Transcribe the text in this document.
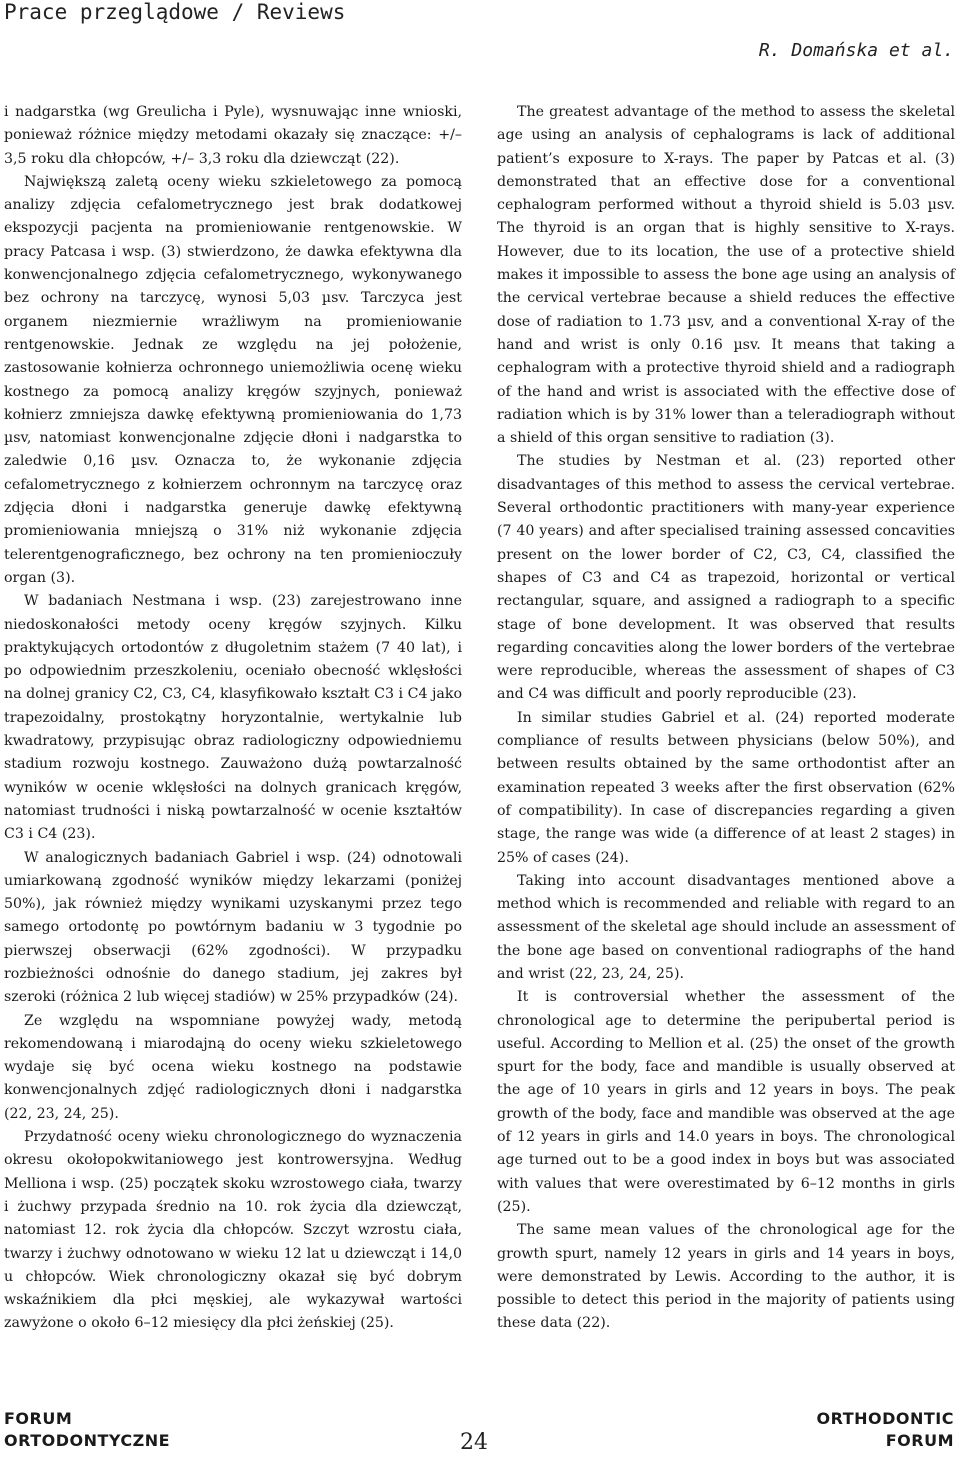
Prace przeglądowe / Reviews
R. Domańska et al.

i nadgarstka (wg Greulicha i Pyle), wysnuwając inne wnioski, ponieważ różnice między metodami okazały się znaczące: +/– 3,5 roku dla chłopców, +/– 3,3 roku dla dziewcząt (22).

Największą zaletą oceny wieku szkieletowego za pomocą analizy zdjęcia cefalometrycznego jest brak dodatkowej ekspozycji pacjenta na promieniowanie rentgenowskie. W pracy Patcasa i wsp. (3) stwierdzono, że dawka efektywna dla konwencjonalnego zdjęcia cefalometrycznego, wykonywanego bez ochrony na tarczycę, wynosi 5,03 µsv. Tarczyca jest organem niezmiernie wrażliwym na promieniowanie rentgenowskie. Jednak ze względu na jej położenie, zastosowanie kołnierza ochronnego uniemożliwia ocenę wieku kostnego za pomocą analizy kręgów szyjnych, ponieważ kołnierz zmniejsza dawkę efektywną promieniowania do 1,73 µsv, natomiast konwencjonalne zdjęcie dłoni i nadgarstka to zaledwie 0,16 µsv. Oznacza to, że wykonanie zdjęcia cefalometrycznego z kołnierzem ochronnym na tarczycę oraz zdjęcia dłoni i nadgarstka generuje dawkę efektywną promieniowania mniejszą o 31% niż wykonanie zdjęcia telerentgenograficznego, bez ochrony na ten promienioczuły organ (3).

W badaniach Nestmana i wsp. (23) zarejestrowano inne niedoskonałości metody oceny kręgów szyjnych. Kilku praktykujących ortodontów z długoletnim stażem (7 40 lat), i po odpowiednim przeszkoleniu, oceniało obecność wklęsłości na dolnej granicy C2, C3, C4, klasyfikowało kształt C3 i C4 jako trapezoidalny, prostokątny horyzontalnie, wertykalnie lub kwadratowy, przypisując obraz radiologiczny odpowiedniemu stadium rozwoju kostnego. Zauważono dużą powtarzalność wyników w ocenie wklęsłości na dolnych granicach kręgów, natomiast trudności i niską powtarzalność w ocenie kształtów C3 i C4 (23).

W analogicznych badaniach Gabriel i wsp. (24) odnotowali umiarkowaną zgodność wyników między lekarzami (poniżej 50%), jak również między wynikami uzyskanymi przez tego samego ortodontę po powtórnym badaniu w 3 tygodnie po pierwszej obserwacji (62% zgodności). W przypadku rozbieżności odnośnie do danego stadium, jej zakres był szeroki (różnica 2 lub więcej stadiów) w 25% przypadków (24).

Ze względu na wspomniane powyżej wady, metodą rekomendowaną i miarodajną do oceny wieku szkieletowego wydaje się być ocena wieku kostnego na podstawie konwencjonalnych zdjęć radiologicznych dłoni i nadgarstka (22, 23, 24, 25).

Przydatność oceny wieku chronologicznego do wyznaczenia okresu okołopokwitaniowego jest kontrowersyjna. Według Melliona i wsp. (25) początek skoku wzrostowego ciała, twarzy i żuchwy przypada średnio na 10. rok życia dla dziewcząt, natomiast 12. rok życia dla chłopców. Szczyt wzrostu ciała, twarzy i żuchwy odnotowano w wieku 12 lat u dziewcząt i 14,0 u chłopców. Wiek chronologiczny okazał się być dobrym wskaźnikiem dla płci męskiej, ale wykazywał wartości zawyżone o około 6–12 miesięcy dla płci żeńskiej (25).

The greatest advantage of the method to assess the skeletal age using an analysis of cephalograms is lack of additional patient’s exposure to X-rays. The paper by Patcas et al. (3) demonstrated that an effective dose for a conventional cephalogram performed without a thyroid shield is 5.03 µsv. The thyroid is an organ that is highly sensitive to X-rays. However, due to its location, the use of a protective shield makes it impossible to assess the bone age using an analysis of the cervical vertebrae because a shield reduces the effective dose of radiation to 1.73 µsv, and a conventional X-ray of the hand and wrist is only 0.16 µsv. It means that taking a cephalogram with a protective thyroid shield and a radiograph of the hand and wrist is associated with the effective dose of radiation which is by 31% lower than a teleradiograph without a shield of this organ sensitive to radiation (3).

The studies by Nestman et al. (23) reported other disadvantages of this method to assess the cervical vertebrae. Several orthodontic practitioners with many-year experience (7 40 years) and after specialised training assessed concavities present on the lower border of C2, C3, C4, classified the shapes of C3 and C4 as trapezoid, horizontal or vertical rectangular, square, and assigned a radiograph to a specific stage of bone development. It was observed that results regarding concavities along the lower borders of the vertebrae were reproducible, whereas the assessment of shapes of C3 and C4 was difficult and poorly reproducible (23).

In similar studies Gabriel et al. (24) reported moderate compliance of results between physicians (below 50%), and between results obtained by the same orthodontist after an examination repeated 3 weeks after the first observation (62% of compatibility). In case of discrepancies regarding a given stage, the range was wide (a difference of at least 2 stages) in 25% of cases (24).

Taking into account disadvantages mentioned above a method which is recommended and reliable with regard to an assessment of the skeletal age should include an assessment of the bone age based on conventional radiographs of the hand and wrist (22, 23, 24, 25).

It is controversial whether the assessment of the chronological age to determine the peripubertal period is useful. According to Mellion et al. (25) the onset of the growth spurt for the body, face and mandible is usually observed at the age of 10 years in girls and 12 years in boys. The peak growth of the body, face and mandible was observed at the age of 12 years in girls and 14.0 years in boys. The chronological age turned out to be a good index in boys but was associated with values that were overestimated by 6–12 months in girls (25).

The same mean values of the chronological age for the growth spurt, namely 12 years in girls and 14 years in boys, were demonstrated by Lewis. According to the author, it is possible to detect this period in the majority of patients using these data (22).

FORUM
ORTODONTYCZNE	24
ORTHODONTIC
FORUM
